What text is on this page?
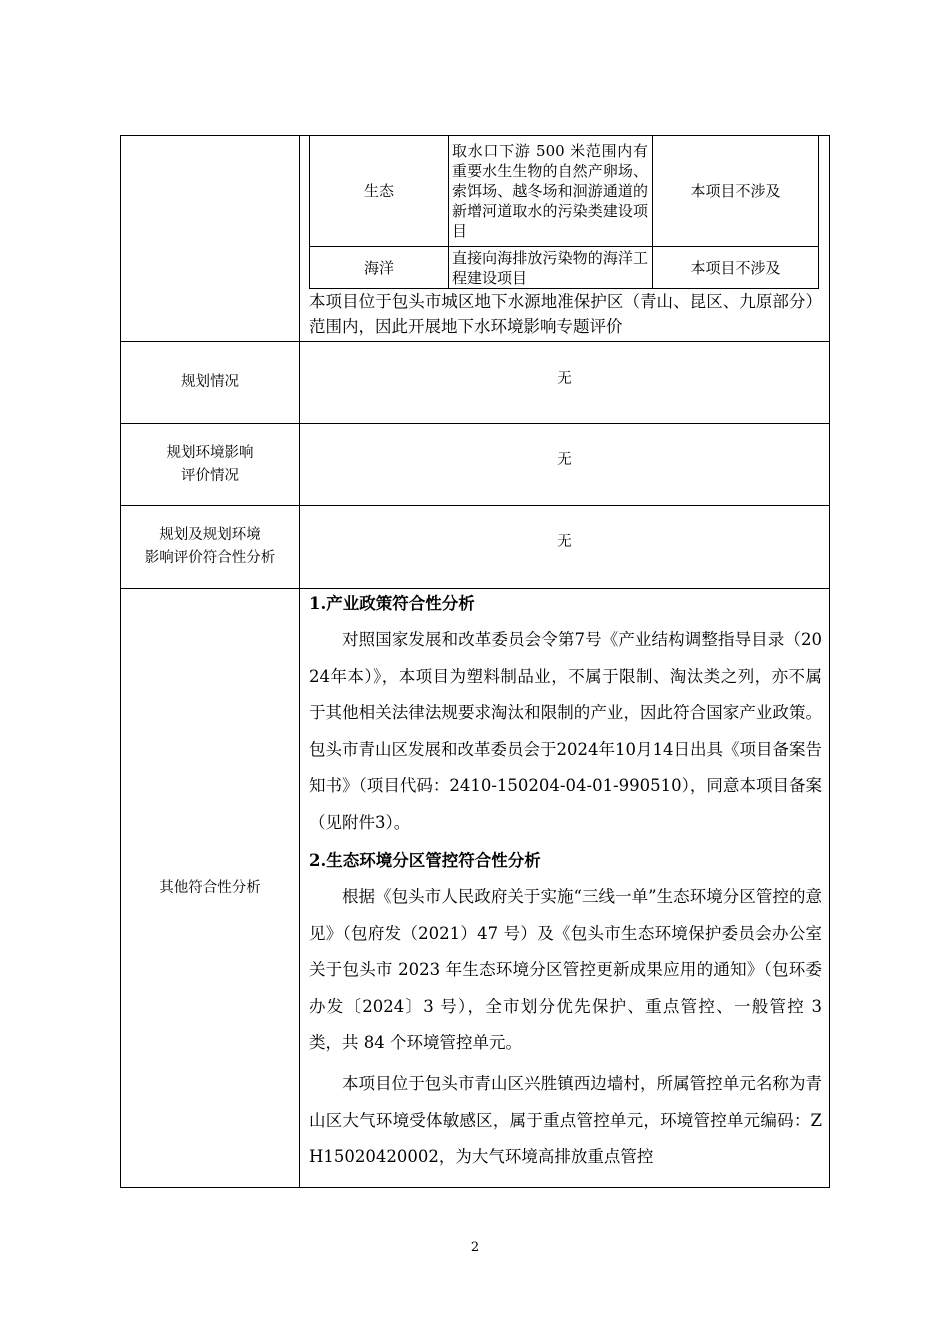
生态
取水口下游 500 米范围内有重要水生生物的自然产卵场、索饵场、越冬场和洄游通道的新增河道取水的污染类建设项目
本项目不涉及
海洋
直接向海排放污染物的海洋工程建设项目
本项目不涉及
本项目位于包头市城区地下水源地准保护区（青山、昆区、九原部分）范围内，因此开展地下水环境影响专题评价
规划情况	无
规划环境影响
评价情况
无
规划及规划环境
影响评价符合性分析
无
其他符合性分析
1.产业政策符合性分析
对照国家发展和改革委员会令第7号《产业结构调整指导目录（2024年本）》，本项目为塑料制品业，不属于限制、淘汰类之列，亦不属于其他相关法律法规要求淘汰和限制的产业，因此符合国家产业政策。包头市青山区发展和改革委员会于2024年10月14日出具《项目备案告知书》（项目代码：2410-150204-04-01-990510），同意本项目备案（见附件3）。
2.生态环境分区管控符合性分析
根据《包头市人民政府关于实施“三线一单”生态环境分区管控的意见》（包府发（2021）47 号）及《包头市生态环境保护委员会办公室关于包头市 2023 年生态环境分区管控更新成果应用的通知》（包环委办发〔2024〕3 号），全市划分优先保护、重点管控、一般管控 3 类，共 84 个环境管控单元。
本项目位于包头市青山区兴胜镇西边墙村，所属管控单元名称为青山区大气环境受体敏感区，属于重点管控单元，环境管控单元编码：ZH15020420002，为大气环境高排放重点管控
2
